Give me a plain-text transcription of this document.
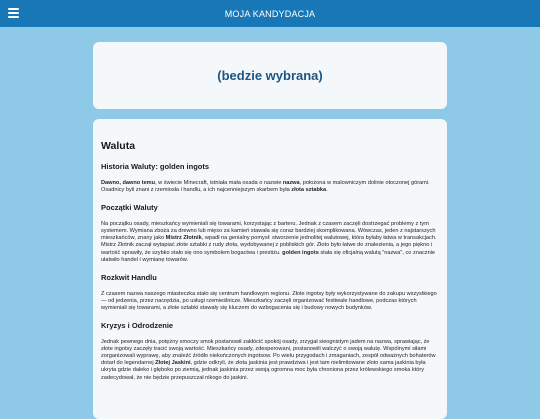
MOJA KANDYDACJA
(bedzie wybrana)
Waluta
Historia Waluty: golden ingots

Dawno, dawno temu, w świecie Minecraft, istniała mała osada o nazwie nazwa, położona w malowniczym dolinie otoczonej górami. Osadnicy byli znani z rzemiosła i handlu, a ich najcenniejszym skarbem była złota sztabka.

Początki Waluty

Na początku osady, mieszkańcy wymieniali się towarami, korzystając z barteru. Jednak z czasem zaczęli dostrzegać problemy z tym systemem. Wymiana zboża za drewno lub mięso za kamień stawała się coraz bardziej skomplikowana. Wówczas, jeden z najstarszych mieszkańców, znany jako Mistrz Złotnik, wpadł na genialny pomysł: stworzenie jednolitej walutowej, która byłaby łatwa w transakcjach. Mistrz Złotnik zaczął wytapiać złote sztabki z rudy złota, wydobywanej z pobliskich gór. Złoto było łatwe do znalezienia, a jego piękno i wartość sprawiły, że szybko stało się ono symbolem bogactwa i prestiżu. golden ingots stała się oficjalną walutą "nazwa", co znacznie ułatwiło handel i wymianę towarów.

Rozkwit Handlu

Z czasem nazwa naszego miasteczka stało się centrum handlowym regionu. Złote ingotsy były wykorzystywane do zakupu wszystkiego — od jedzenia, przez narzędzia, po usługi rzemieślnicze. Mieszkańcy zaczęli organizować festiwale handlowe, podczas których wymieniali się towarami, a złote sztabki stawały się kluczem do wzbogacenia się i budowy nowych budynków.

Kryzys i Odrodzenie

Jednak pewnego dnia, potężny smoczy smok postanowił zakłócić spokój osady, zrzygał sieognistym jadem na nazwa, sprawiając, że złote ingotsy zaczęły tracić swoją wartość. Mieszkańcy osady, zdesperowani, postanowili walczyć o swoją walutę. Wspólnymi siłami zorganizowali wyprawę, aby znaleźć źródło niekończonych ingotsow. Po wielu przygodach i zmaganiach, zespół odważnych bohaterów dotarł do legendarnej Złotej Jaskini, gdzie odkryli, że złota jaskinia jest prawdziwa i jest tam nielimitowane złoto sama jaskinia była ukryta gdzie daleko i głęboko po ziemią, jednak jaskinia przez swoją ogromna moc była chroniona przez królewskiego smoka który zadecydował, że nie będzie przepuszczał nikogo do jaskini.
